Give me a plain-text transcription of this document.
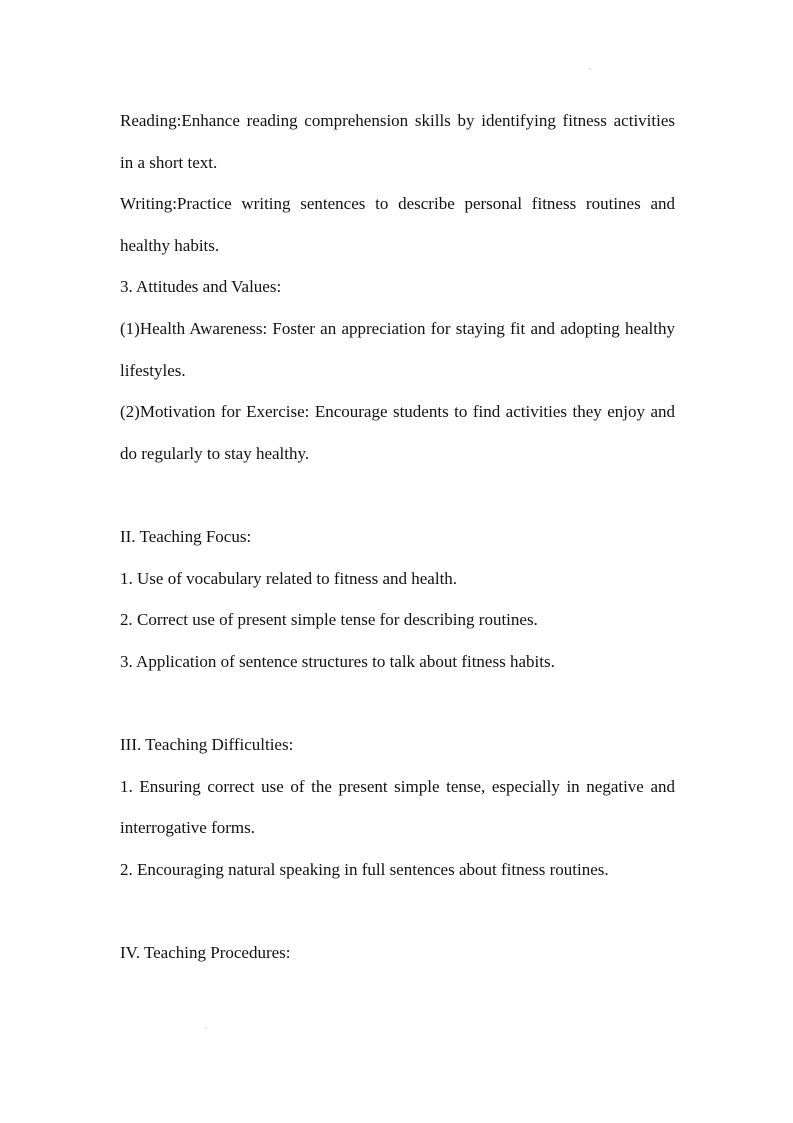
Reading:Enhance reading comprehension skills by identifying fitness activities in a short text.

Writing:Practice writing sentences to describe personal fitness routines and healthy habits.

3. Attitudes and Values:

(1)Health Awareness: Foster an appreciation for staying fit and adopting healthy lifestyles.

(2)Motivation for Exercise: Encourage students to find activities they enjoy and do regularly to stay healthy.

II. Teaching Focus:

1. Use of vocabulary related to fitness and health.

2. Correct use of present simple tense for describing routines.

3. Application of sentence structures to talk about fitness habits.

III. Teaching Difficulties:

1. Ensuring correct use of the present simple tense, especially in negative and interrogative forms.

2. Encouraging natural speaking in full sentences about fitness routines.

IV. Teaching Procedures:
